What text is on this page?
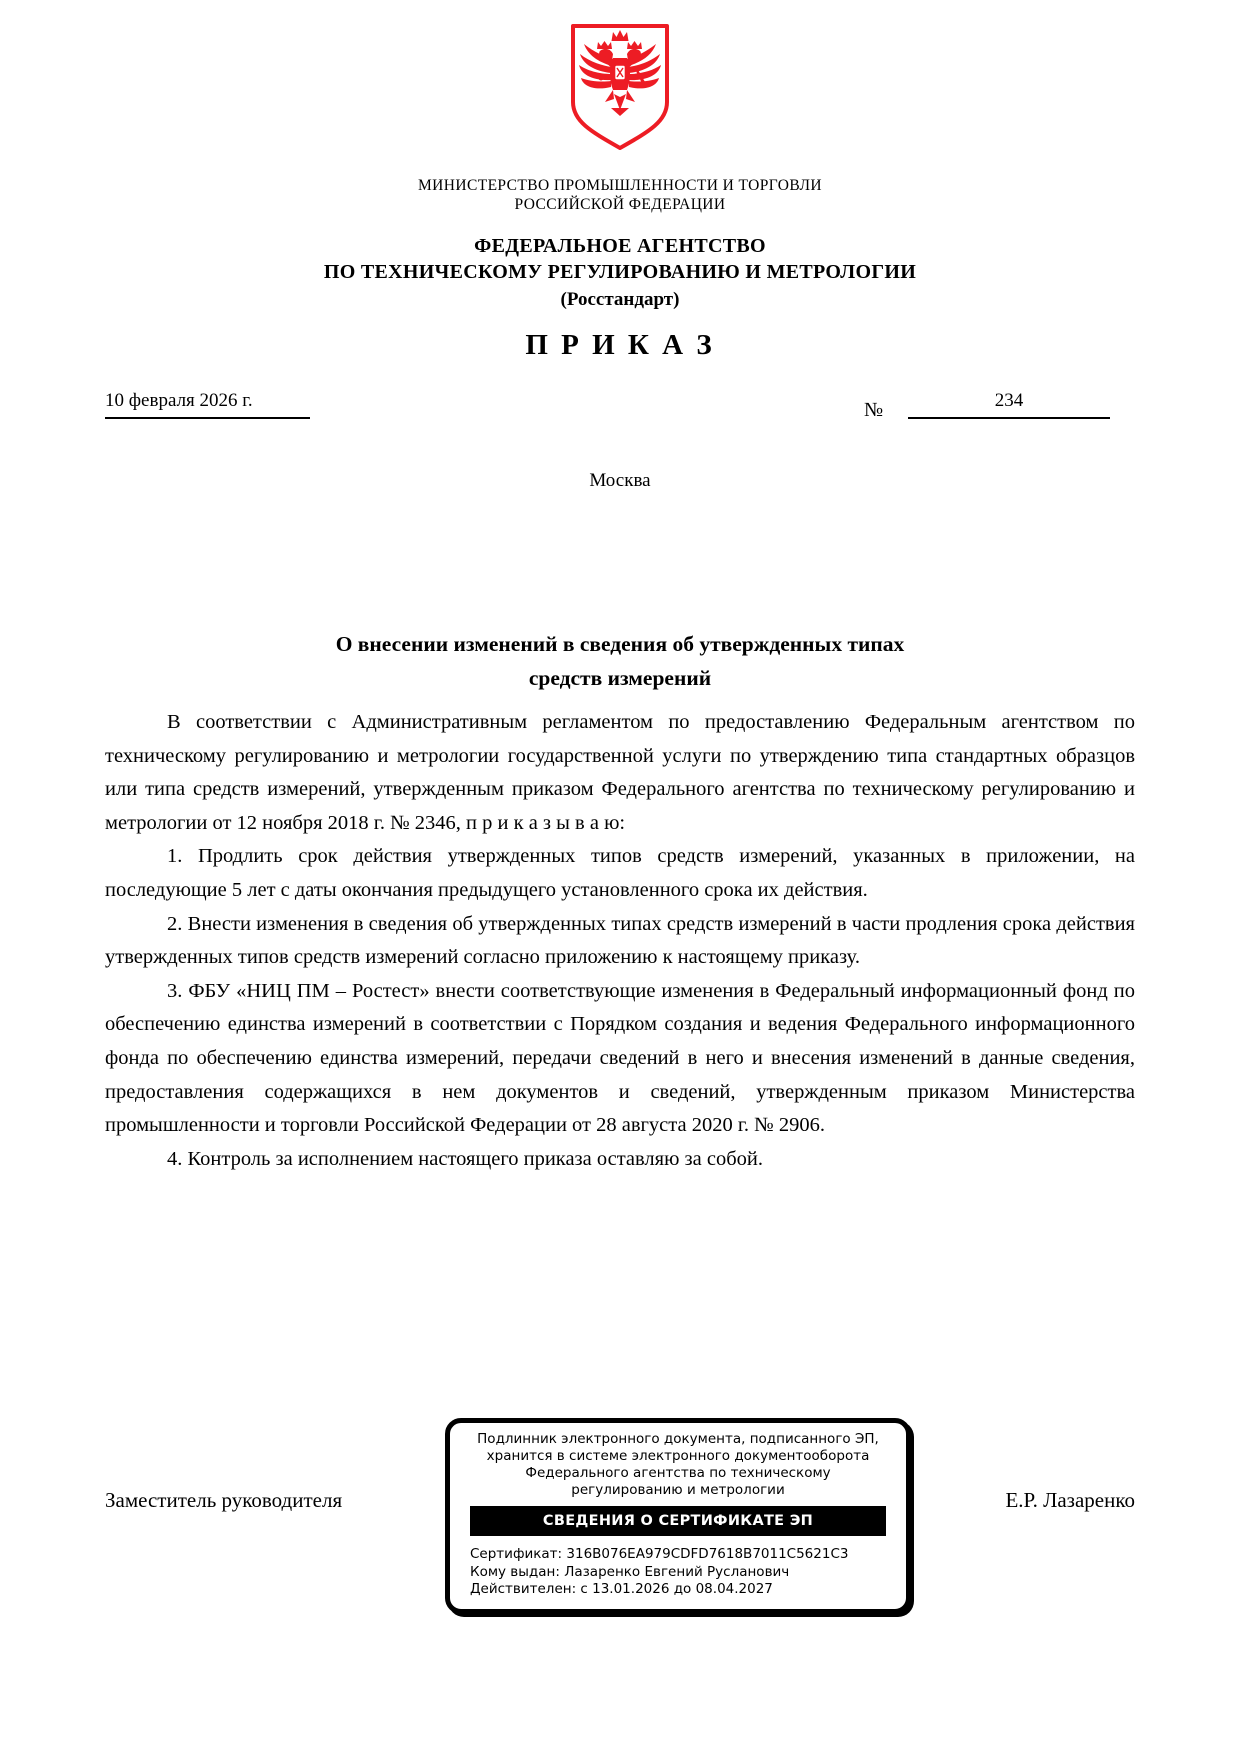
МИНИСТЕРСТВО ПРОМЫШЛЕННОСТИ И ТОРГОВЛИ
РОССИЙСКОЙ ФЕДЕРАЦИИ
ФЕДЕРАЛЬНОЕ АГЕНТСТВО
ПО ТЕХНИЧЕСКОМУ РЕГУЛИРОВАНИЮ И МЕТРОЛОГИИ
(Росстандарт)
П Р И К А З
10 февраля 2026 г.	№	234
Москва
О внесении изменений в сведения об утвержденных типах
средств измерений

В соответствии с Административным регламентом по предоставлению Федеральным агентством по техническому регулированию и метрологии государственной услуги по утверждению типа стандартных образцов или типа средств измерений, утвержденным приказом Федерального агентства по техническому регулированию и метрологии от 12 ноября 2018 г. № 2346, п р и к а з ы в а ю:

1. Продлить срок действия утвержденных типов средств измерений, указанных в приложении, на последующие 5 лет с даты окончания предыдущего установленного срока их действия.

2. Внести изменения в сведения об утвержденных типах средств измерений в части продления срока действия утвержденных типов средств измерений согласно приложению к настоящему приказу.

3. ФБУ «НИЦ ПМ – Ростест» внести соответствующие изменения в Федеральный информационный фонд по обеспечению единства измерений в соответствии с Порядком создания и ведения Федерального информационного фонда по обеспечению единства измерений, передачи сведений в него и внесения изменений в данные сведения, предоставления содержащихся в нем документов и сведений, утвержденным приказом Министерства промышленности и торговли Российской Федерации от 28 августа 2020 г. № 2906.

4. Контроль за исполнением настоящего приказа оставляю за собой.

Заместитель руководителя	Е.Р. Лазаренко
Подлинник электронного документа, подписанного ЭП,
хранится в системе электронного документооборота
Федерального агентства по техническому
регулированию и метрологии
СВЕДЕНИЯ О СЕРТИФИКАТЕ ЭП
Сертификат: 316B076EA979CDFD7618B7011C5621C3
Кому выдан: Лазаренко Евгений Русланович
Действителен: с 13.01.2026 до 08.04.2027
